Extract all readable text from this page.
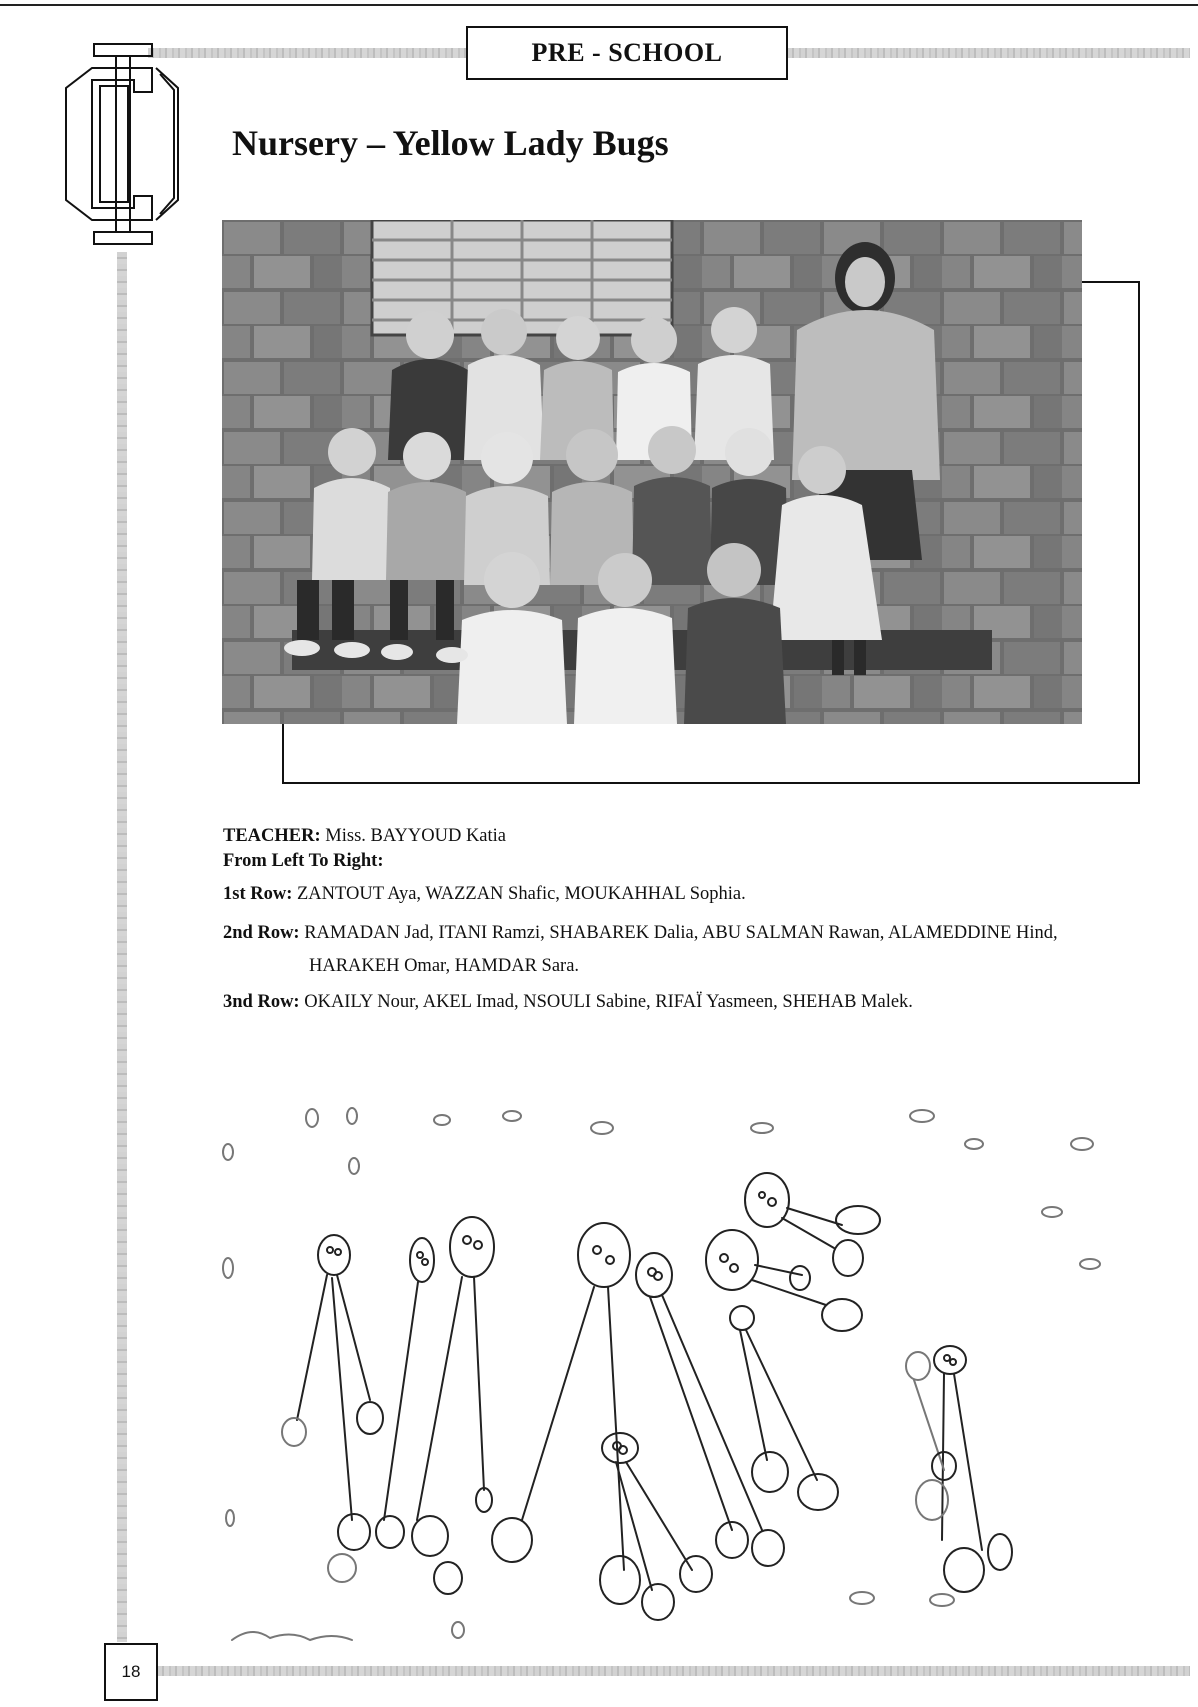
PRE - SCHOOL
Nursery – Yellow Lady Bugs

TEACHER: Miss. BAYYOUD Katia
From Left To Right:

1st Row: ZANTOUT Aya, WAZZAN Shafic, MOUKAHHAL Sophia.

2nd Row: RAMADAN Jad, ITANI Ramzi, SHABAREK Dalia, ABU SALMAN Rawan, ALAMEDDINE Hind, HARAKEH Omar, HAMDAR Sara.

3nd Row: OKAILY Nour, AKEL Imad, NSOULI Sabine, RIFAÏ Yasmeen, SHEHAB Malek.

18
